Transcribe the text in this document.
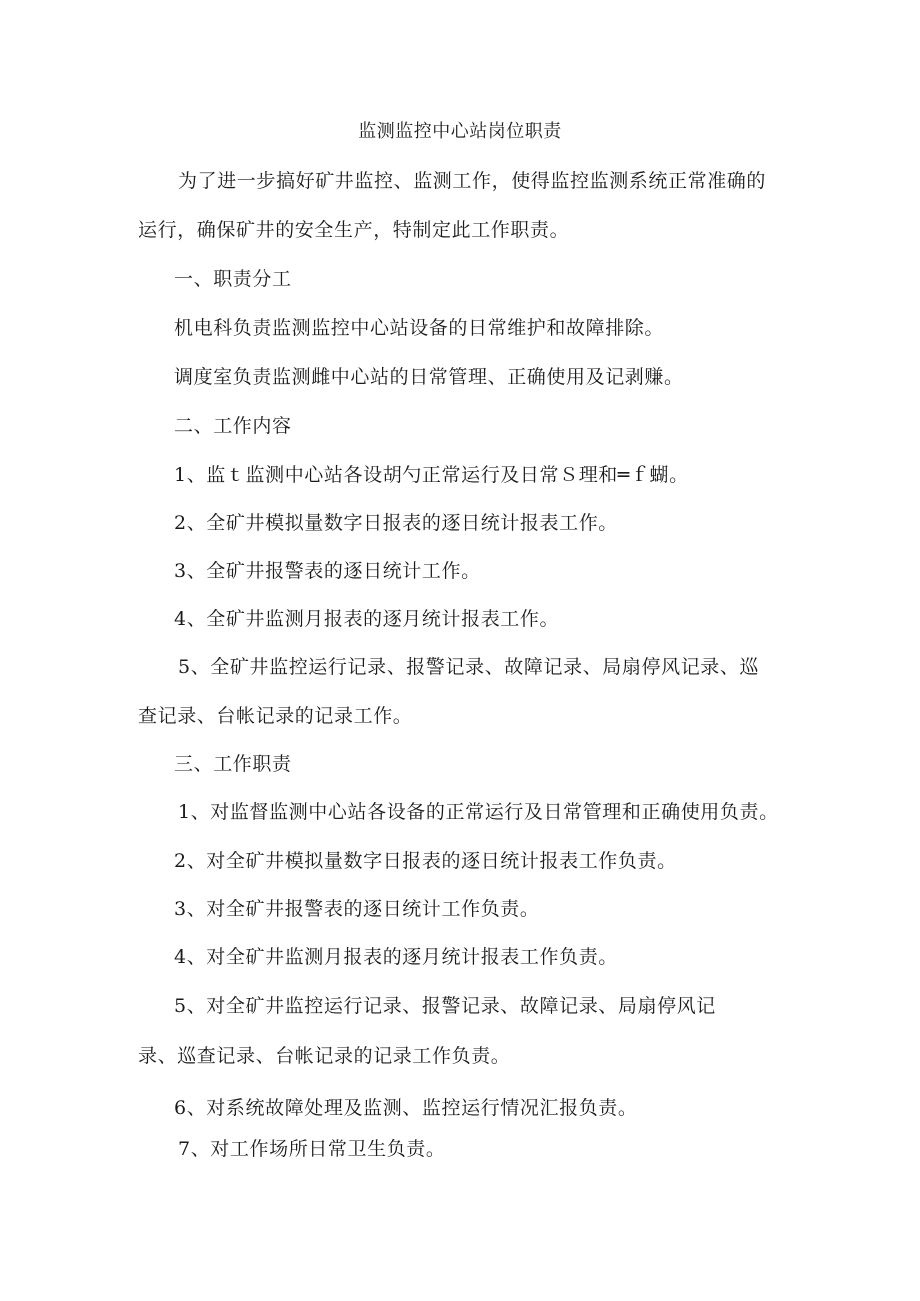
监测监控中心站岗位职责
为了进一步搞好矿井监控、监测工作，使得监控监测系统正常准确的
运行，确保矿井的安全生产，特制定此工作职责。
一、职责分工
机电科负责监测监控中心站设备的日常维护和故障排除。
调度室负责监测雌中心站的日常管理、正确使用及记剥赚。
二、工作内容
1、监ｔ监测中心站各设胡勺正常运行及日常Ｓ理和═ｆ蝴。
2、全矿井模拟量数字日报表的逐日统计报表工作。
3、全矿井报警表的逐日统计工作。
4、全矿井监测月报表的逐月统计报表工作。
5、全矿井监控运行记录、报警记录、故障记录、局扇停风记录、巡
查记录、台帐记录的记录工作。
三、工作职责
1、对监督监测中心站各设备的正常运行及日常管理和正确使用负责。
2、对全矿井模拟量数字日报表的逐日统计报表工作负责。
3、对全矿井报警表的逐日统计工作负责。
4、对全矿井监测月报表的逐月统计报表工作负责。
5、对全矿井监控运行记录、报警记录、故障记录、局扇停风记
录、巡查记录、台帐记录的记录工作负责。
6、对系统故障处理及监测、监控运行情况汇报负责。
7、对工作场所日常卫生负责。
